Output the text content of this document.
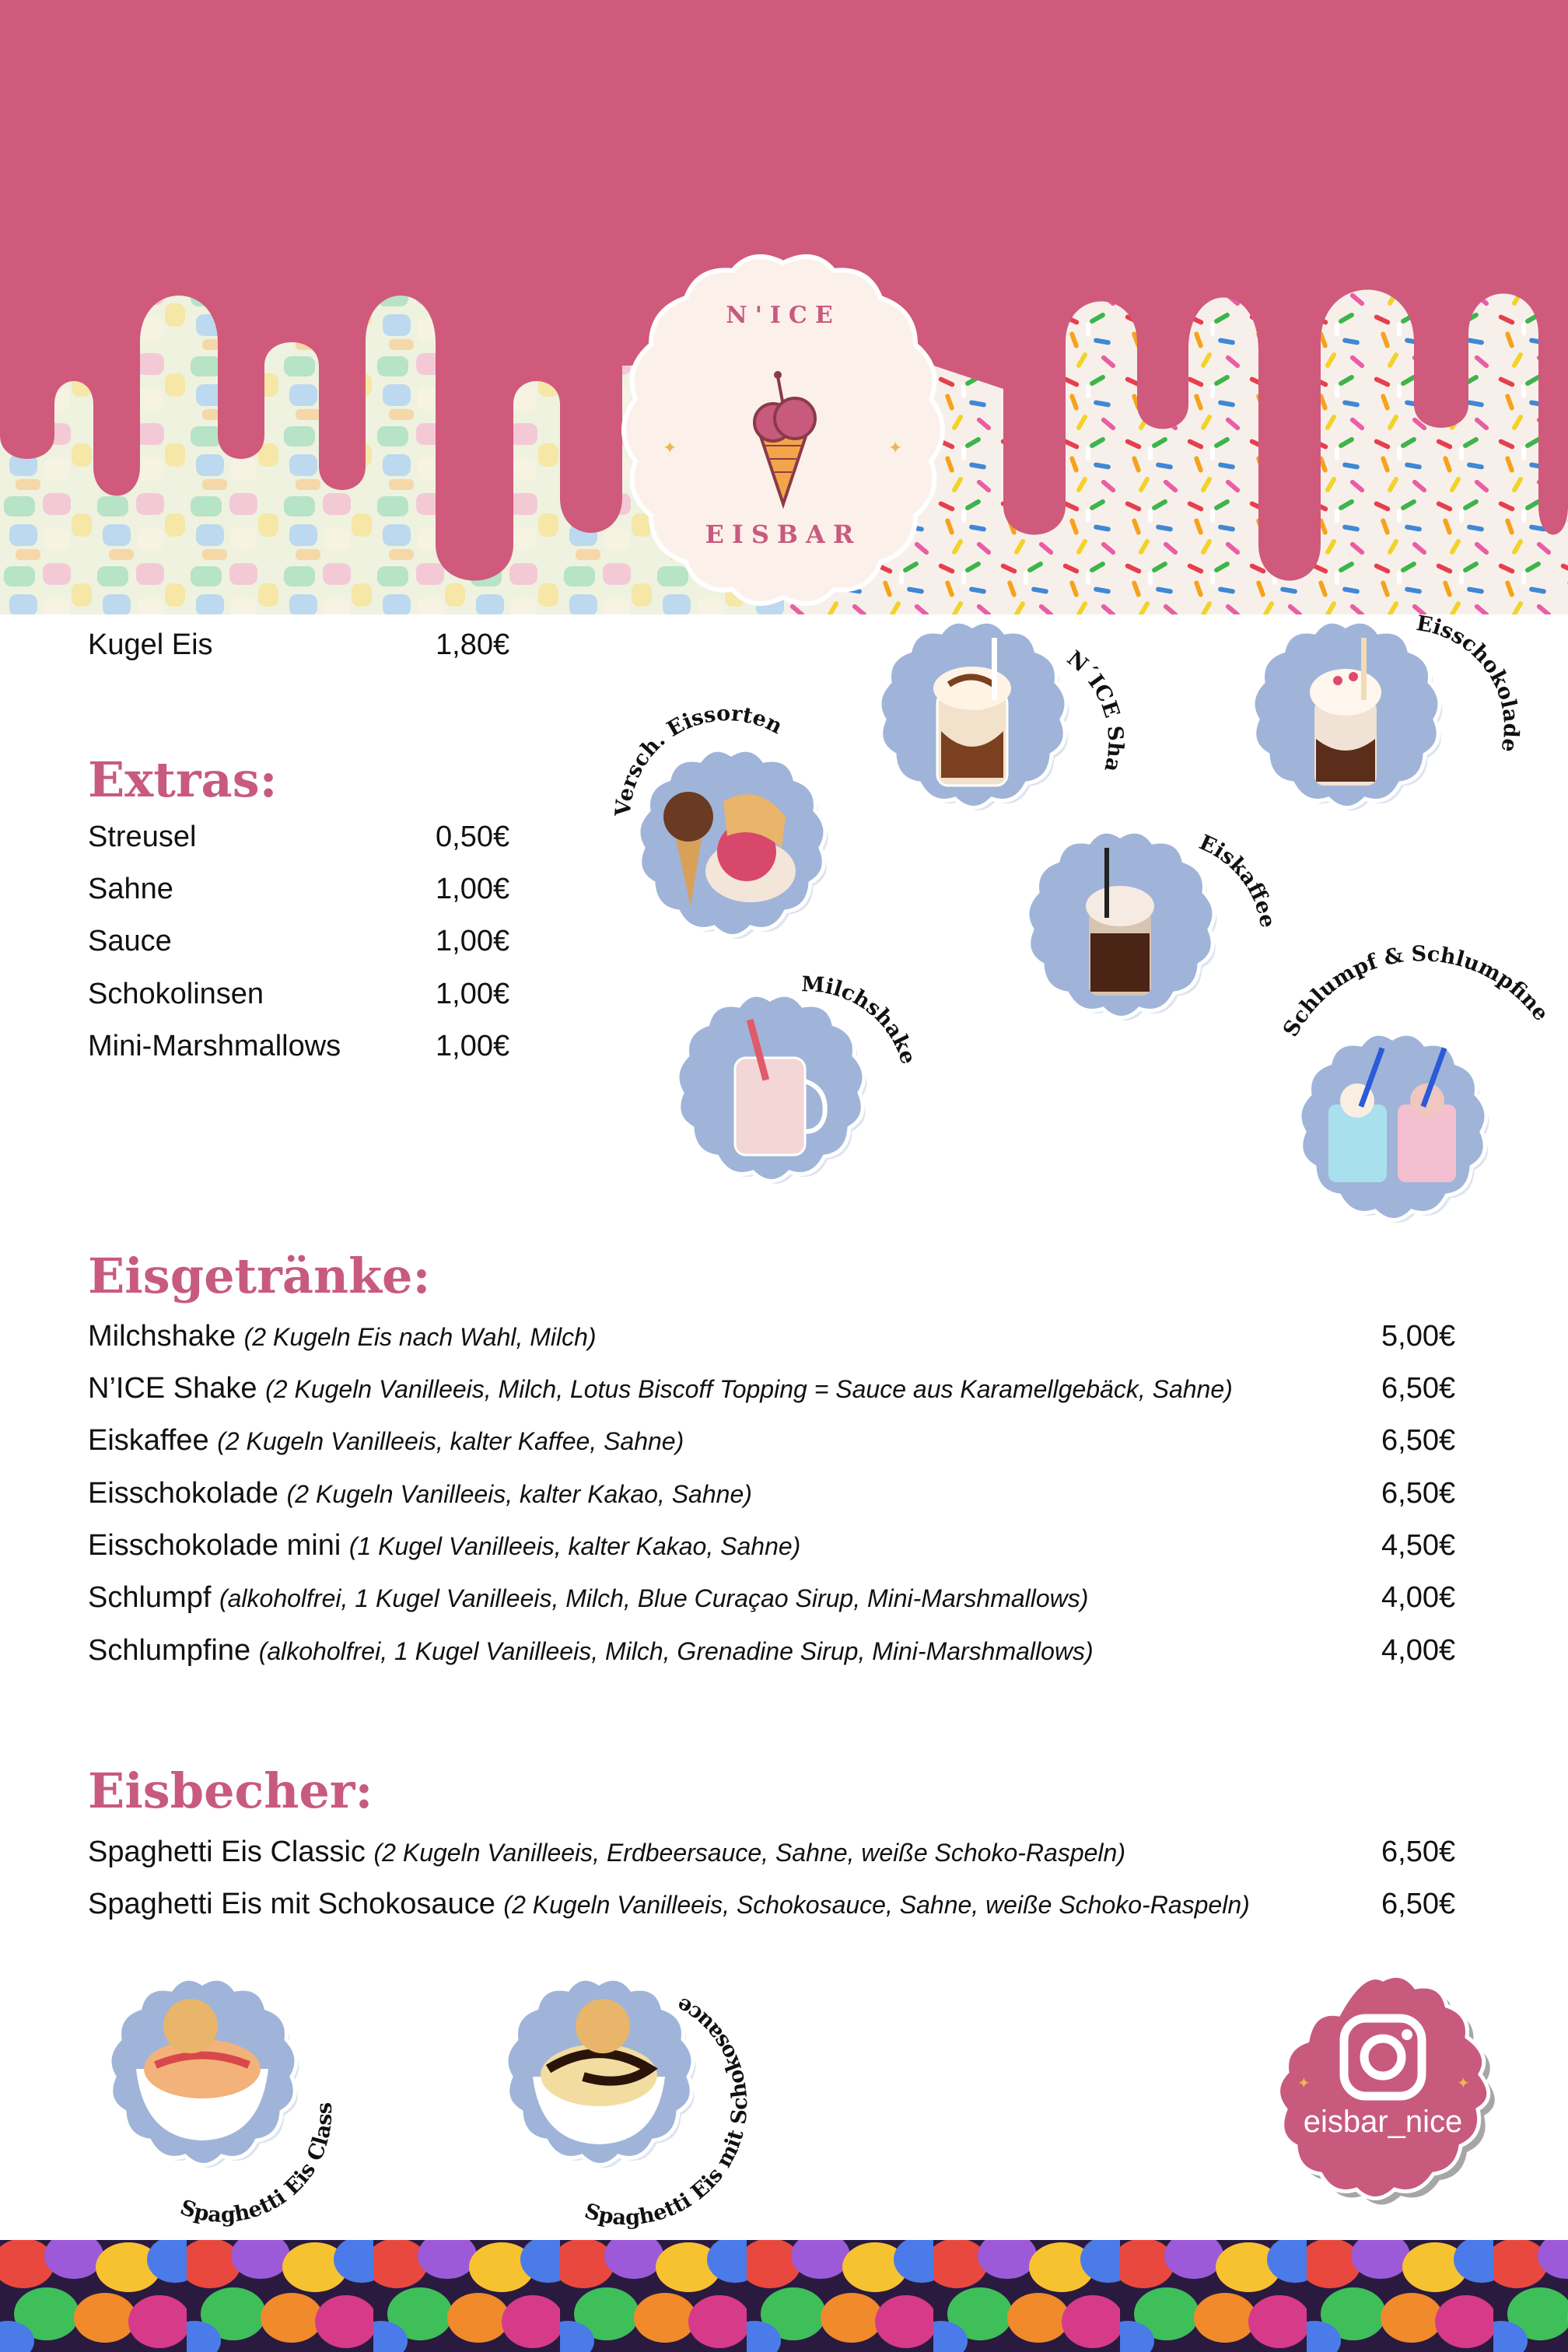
✦	✦
N'ICE
EISBAR
Kugel Eis	1,80€
Extras:
Streusel	0,50€
Sahne	1,00€
Sauce	1,00€
Schokolinsen	1,00€
Mini-Marshmallows	1,00€
Versch. Eissorten
N´ICE Sha
Eisschokolade
Eiskaffee
Milchshake
Schlumpf & Schlumpfine
Eisgetränke:
Milchshake (2 Kugeln Eis nach Wahl, Milch)	5,00€
N’ICE Shake (2 Kugeln Vanilleeis, Milch, Lotus Biscoff Topping = Sauce aus Karamellgebäck, Sahne)	6,50€
Eiskaffee (2 Kugeln Vanilleeis, kalter Kaffee, Sahne)	6,50€
Eisschokolade (2 Kugeln Vanilleeis, kalter Kakao, Sahne)	6,50€
Eisschokolade mini (1 Kugel Vanilleeis, kalter Kakao, Sahne)	4,50€
Schlumpf (alkoholfrei, 1 Kugel Vanilleeis, Milch, Blue Curaçao Sirup, Mini-Marshmallows)	4,00€
Schlumpfine (alkoholfrei, 1 Kugel Vanilleeis, Milch, Grenadine Sirup, Mini-Marshmallows)	4,00€
Eisbecher:
Spaghetti Eis Classic (2 Kugeln Vanilleeis, Erdbeersauce, Sahne, weiße Schoko-Raspeln)	6,50€
Spaghetti Eis mit Schokosauce (2 Kugeln Vanilleeis, Schokosauce, Sahne, weiße Schoko-Raspeln)	6,50€
Spaghetti Eis Classic
Spaghetti Eis mit Schokosauce
✦	✦
eisbar_nice
